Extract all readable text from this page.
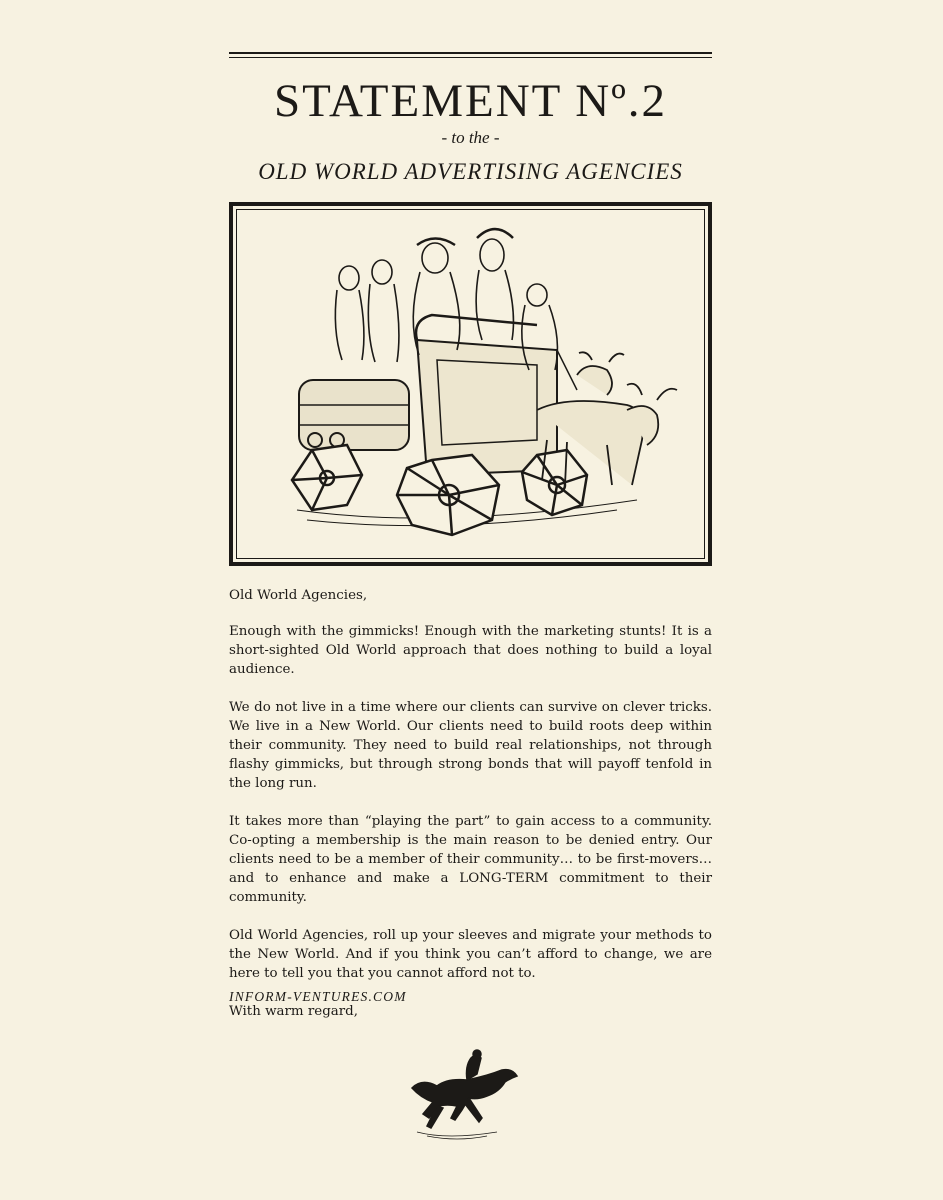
STATEMENT Nº.2
- to the -
OLD WORLD ADVERTISING AGENCIES

Old World Agencies,

Enough with the gimmicks! Enough with the marketing stunts! It is a short-sighted Old World approach that does nothing to build a loyal audience.

We do not live in a time where our clients can survive on clever tricks. We live in a New World. Our clients need to build roots deep within their community. They need to build real relationships, not through flashy gimmicks, but through strong bonds that will payoff tenfold in the long run.

It takes more than “playing the part” to gain access to a community. Co-opting a membership is the main reason to be denied entry. Our clients need to be a member of their community… to be first-movers… and to enhance and make a LONG-TERM commitment to their community.

Old World Agencies, roll up your sleeves and migrate your methods to the New World. And if you think you can’t afford to change, we are here to tell you that you cannot afford not to.

With warm regard,

INFORM-VENTURES.COM
